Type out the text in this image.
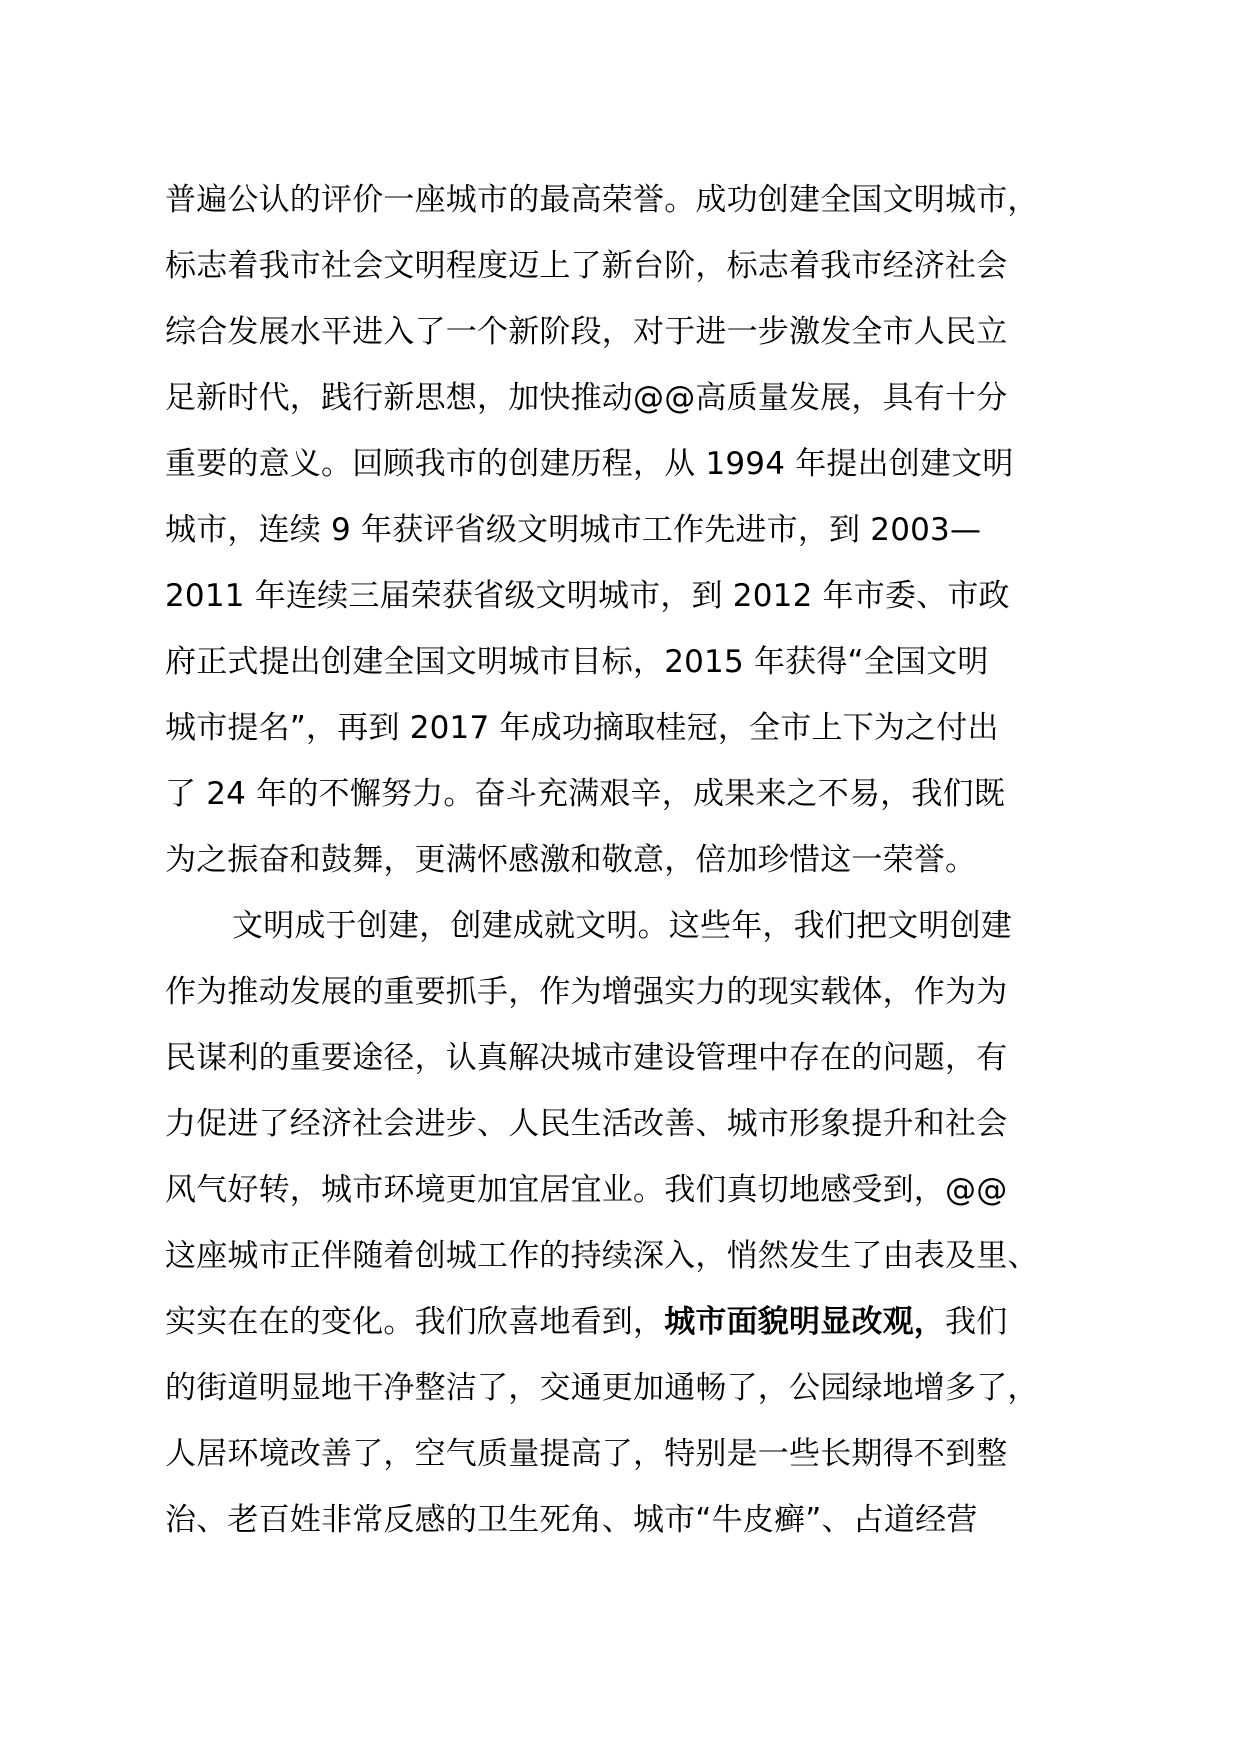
普遍公认的评价一座城市的最高荣誉。成功创建全国文明城市，
标志着我市社会文明程度迈上了新台阶，标志着我市经济社会
综合发展水平进入了一个新阶段，对于进一步激发全市人民立
足新时代，践行新思想，加快推动@@高质量发展，具有十分
重要的意义。回顾我市的创建历程，从 1994 年提出创建文明
城市，连续 9 年获评省级文明城市工作先进市，到 2003—
2011 年连续三届荣获省级文明城市，到 2012 年市委、市政
府正式提出创建全国文明城市目标，2015 年获得“全国文明
城市提名”，再到 2017 年成功摘取桂冠，全市上下为之付出
了 24 年的不懈努力。奋斗充满艰辛，成果来之不易，我们既
为之振奋和鼓舞，更满怀感激和敬意，倍加珍惜这一荣誉。
文明成于创建，创建成就文明。这些年，我们把文明创建
作为推动发展的重要抓手，作为增强实力的现实载体，作为为
民谋利的重要途径，认真解决城市建设管理中存在的问题，有
力促进了经济社会进步、人民生活改善、城市形象提升和社会
风气好转，城市环境更加宜居宜业。我们真切地感受到，@@
这座城市正伴随着创城工作的持续深入，悄然发生了由表及里、
实实在在的变化。我们欣喜地看到，城市面貌明显改观，我们
的街道明显地干净整洁了，交通更加通畅了，公园绿地增多了，
人居环境改善了，空气质量提高了，特别是一些长期得不到整
治、老百姓非常反感的卫生死角、城市“牛皮癣”、占道经营
